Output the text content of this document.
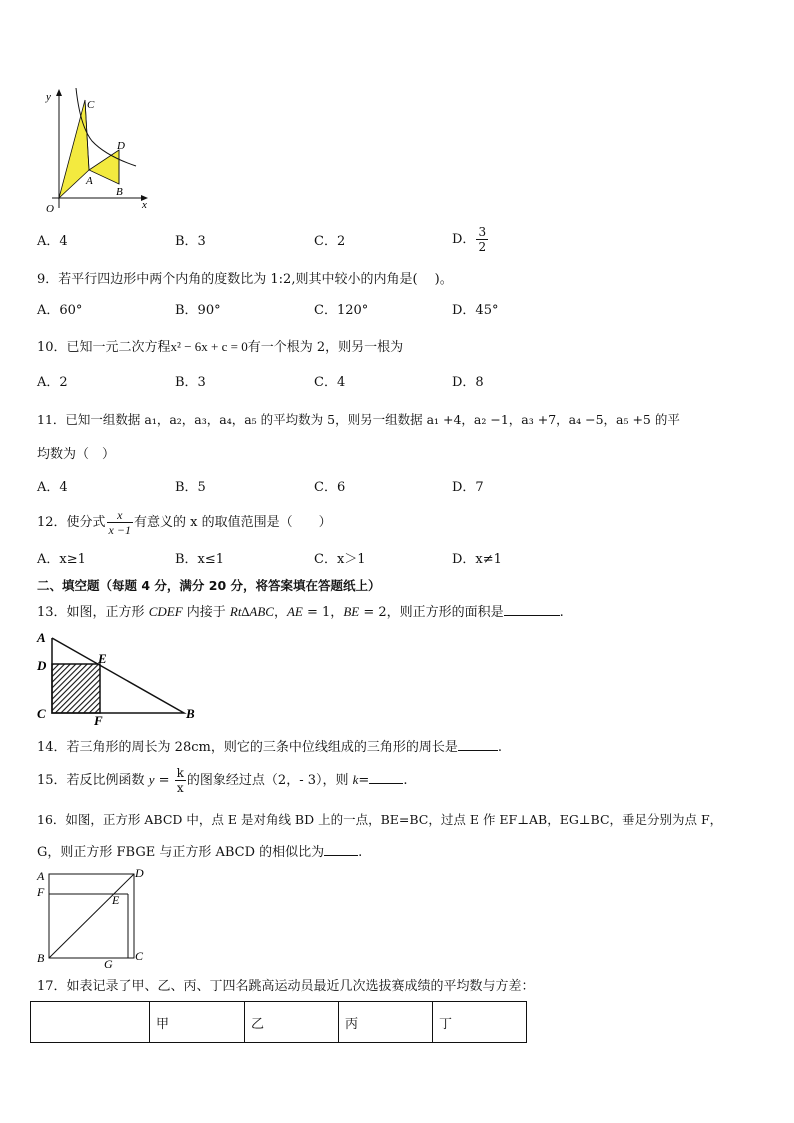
y
C
D
A
B
O	x
A．4	B．3	C．2	D． $\frac{3}{2}$
9．若平行四边形中两个内角的度数比为 1:2,则其中较小的内角是(　 )。
A．60°	B．90°	C．120°	D．45°
10．已知一元二次方程x² − 6x + c = 0有一个根为 2，则另一根为
A．2	B．3	C．4	D．8
11．已知一组数据 a₁，a₂，a₃，a₄，a₅ 的平均数为 5，则另一组数据 a₁ +4，a₂ −1，a₃ +7，a₄ −5，a₅ +5 的平
均数为（　）
A．4	B．5	C．6	D．7
12．使分式 $\frac{x}{x -1}$ 有意义的 x 的取值范围是（　　）
A．x≥1	B．x≤1	C．x＞1	D．x≠1
二、填空题（每题 4 分，满分 20 分，将答案填在答题纸上）
13．如图，正方形 CDEF 内接于 Rt∆ABC，AE = 1，BE = 2，则正方形的面积是	.
A
D	E
C	F	B
14．若三角形的周长为 28cm，则它的三条中位线组成的三角形的周长是	.
15．若反比例函数 $y = \frac{k}{x}$ 的图象经过点（2，- 3），则 k=	.
16．如图，正方形 ABCD 中，点 E 是对角线 BD 上的一点，BE=BC，过点 E 作 EF⊥AB，EG⊥BC，垂足分别为点 F，
G，则正方形 FBGE 与正方形 ABCD 的相似比为	.
A	D
F
E
B	G
C
17．如表记录了甲、乙、丙、丁四名跳高运动员最近几次选拔赛成绩的平均数与方差：
	甲	乙	丙	丁
